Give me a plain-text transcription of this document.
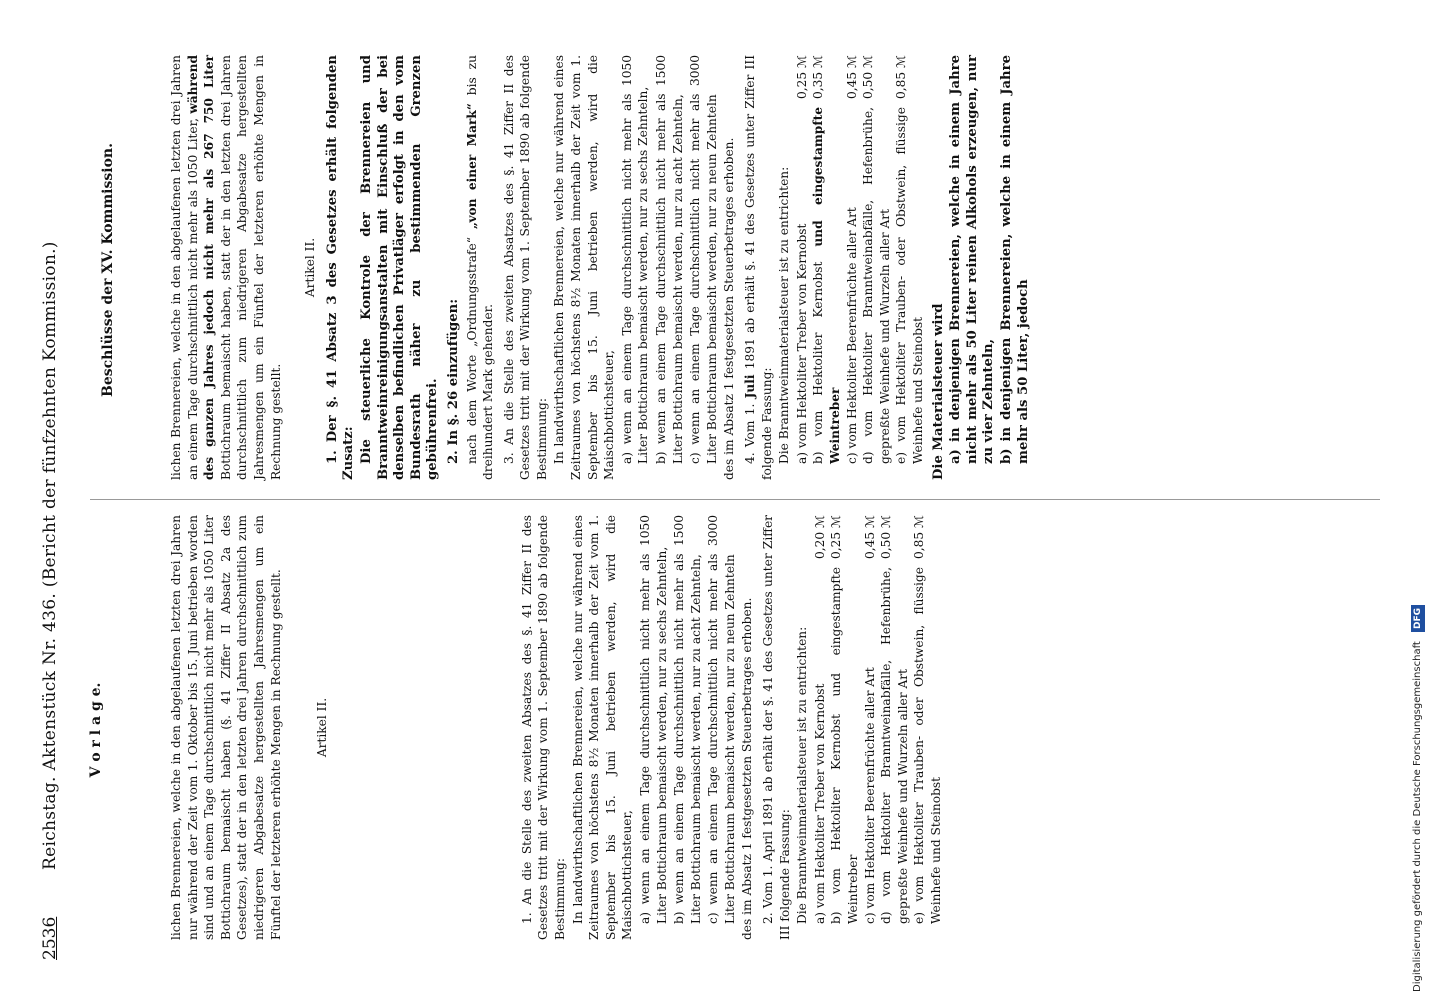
2536
Reichstag. Aktenstück Nr. 436. (Bericht der fünfzehnten Kommission.) V o r l a g e.	lichen Brennereien, welche in den abgelaufenen letzten drei Jahren nur während der Zeit vom 1. Oktober bis 15. Juni betrieben worden sind und an einem Tage durchschnittlich nicht mehr als 1050 Liter Bottichraum bemaischt haben (§. 41 Ziffer II Absatz 2a des Gesetzes), statt der in den letzten drei Jahren durchschnittlich zum niedrigeren Abgabesatze hergestellten Jahresmengen um ein Fünftel der letzteren erhöhte Mengen in Rechnung gestellt.	Artikel II.	1. An die Stelle des zweiten Absatzes des §. 41 Ziffer II des Gesetzes tritt mit der Wirkung vom 1. September 1890 ab folgende Bestimmung: In landwirthschaftlichen Brennereien, welche nur während eines Zeitraumes von höchstens 8½ Monaten innerhalb der Zeit vom 1. September bis 15. Juni betrieben werden, wird die Maischbottichsteuer, a) wenn an einem Tage durchschnittlich nicht mehr als 1050 Liter Bottichraum bemaischt werden, nur zu sechs Zehnteln, b) wenn an einem Tage durchschnittlich nicht mehr als 1500 Liter Bottichraum bemaischt werden, nur zu acht Zehnteln, c) wenn an einem Tage durchschnittlich nicht mehr als 3000 Liter Bottichraum bemaischt werden, nur zu neun Zehnteln des im Absatz 1 festgesetzten Steuerbetrages erhoben. 2. Vom 1. April 1891 ab erhält der §. 41 des Gesetzes unter Ziffer III folgende Fassung: Die Branntweinmaterialsteuer ist zu entrichten: a) vom Hektoliter Treber von Kernobst
0,20 ℳ
b) vom Hektoliter Kernobst und eingestampfte Weintreber
0,25 ℳ
c) vom Hektoliter Beerenfrüchte aller Art
0,45 ℳ
d) vom Hektoliter Branntweinabfälle, Hefenbrühe, gepreßte Weinhefe und Wurzeln aller Art
0,50 ℳ
e) vom Hektoliter Trauben- oder Obstwein, flüssige Weinhefe und Steinobst
0,85 ℳ
Beschlüsse der XV. Kommission.	lichen Brennereien, welche in den abgelaufenen letzten drei Jahren an einem Tage durchschnittlich nicht mehr als 1050 Liter, während des ganzen Jahres jedoch nicht mehr als 267 750 Liter Bottichraum bemaischt haben, statt der in den letzten drei Jahren durchschnittlich zum niedrigeren Abgabesatze hergestellten Jahresmengen um ein Fünftel der letzteren erhöhte Mengen in Rechnung gestellt.

Artikel II. 1. Der §. 41 Absatz 3 des Gesetzes erhält folgenden Zusatz: Die steuerliche Kontrole der Brennereien und Branntweinreinigungsanstalten mit Einschluß der bei denselben befindlichen Privatläger erfolgt in den vom Bundesrath näher zu bestimmenden Grenzen gebührenfrei. 2. In §. 26 einzufügen: nach dem Worte „Ordnungsstrafe“ „von einer Mark“ bis zu dreihundert Mark gehender. 3. An die Stelle des zweiten Absatzes des §. 41 Ziffer II des Gesetzes tritt mit der Wirkung vom 1. September 1890 ab folgende Bestimmung: In landwirthschaftlichen Brennereien, welche nur während eines Zeitraumes von höchstens 8½ Monaten innerhalb der Zeit vom 1. September bis 15. Juni betrieben werden, wird die Maischbottichsteuer, a) wenn an einem Tage durchschnittlich nicht mehr als 1050 Liter Bottichraum bemaischt werden, nur zu sechs Zehnteln, b) wenn an einem Tage durchschnittlich nicht mehr als 1500 Liter Bottichraum bemaischt werden, nur zu acht Zehnteln, c) wenn an einem Tage durchschnittlich nicht mehr als 3000 Liter Bottichraum bemaischt werden, nur zu neun Zehnteln des im Absatz 1 festgesetzten Steuerbetrages erhoben. 4. Vom 1. Juli 1891 ab erhält §. 41 des Gesetzes unter Ziffer III folgende Fassung: Die Branntweinmaterialsteuer ist zu entrichten: a) vom Hektoliter Treber von Kernobst
0,25 ℳ
b) vom Hektoliter Kernobst und eingestampfte Weintreber
0,35 ℳ
c) vom Hektoliter Beerenfrüchte aller Art
0,45 ℳ
d) vom Hektoliter Branntweinabfälle, Hefenbrühe, gepreßte Weinhefe und Wurzeln aller Art
0,50 ℳ
e) vom Hektoliter Trauben- oder Obstwein, flüssige Weinhefe und Steinobst
0,85 ℳ

Die Materialsteuer wird a) in denjenigen Brennereien, welche in einem Jahre nicht mehr als 50 Liter reinen Alkohols erzeugen, nur zu vier Zehnteln, b) in denjenigen Brennereien, welche in einem Jahre mehr als 50 Liter, jedoch

Digitalisierung gefördert durch die Deutsche Forschungsgemeinschaft DFG
